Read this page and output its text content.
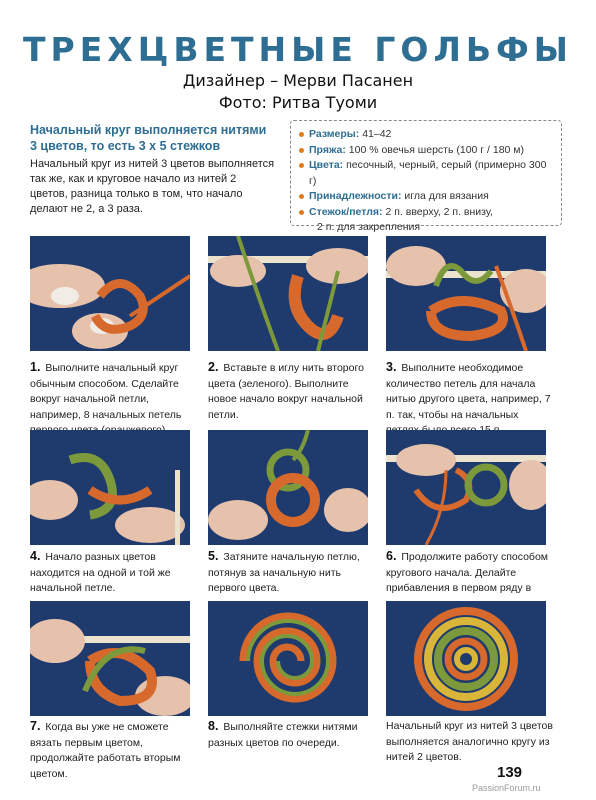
ТРЕХЦВЕТНЫЕ ГОЛЬФЫ
Дизайнер – Мерви Пасанен
Фото: Ритва Туоми
Начальный круг выполняется нитями 3 цветов, то есть 3 х 5 стежков
Начальный круг из нитей 3 цветов выполняется так же, как и круговое начало из нитей 2 цветов, разница только в том, что начало делают не 2, а 3 раза.
Размеры: 41–42
Пряжа: 100 % овечья шерсть (100 г / 180 м)
Цвета: песочный, черный, серый (примерно 300 г)
Принадлежности: игла для вязания
Стежок/петля: 2 п. вверху, 2 п. внизу,
2 п. для закрепления
1. Выполните начальный круг обычным способом. Сделайте вокруг начальной петли, например, 8 начальных петель
2. Вставьте в иглу нить второго цвета (зеленого). Выполните новое начало вокруг начальной петли.
3. Выполните необходимое количество петель для начала нитью другого цвета, например, 7 п. так, чтобы на начальных
4. Начало разных цветов находится на одной и той же начальной петле.
5. Затяните начальную петлю, потянув за начальную нить первого цвета.
6. Продолжите работу способом кругового начала. Делайте прибавления в первом ряду в
7. Когда вы уже не сможете вязать первым цветом, продолжайте работать вторым цветом.
8. Выполняйте стежки нитями разных цветов по очереди.
Начальный круг из нитей 3 цветов выполняется аналогично кругу из нитей 2 цветов.
139
PassionForum.ru
